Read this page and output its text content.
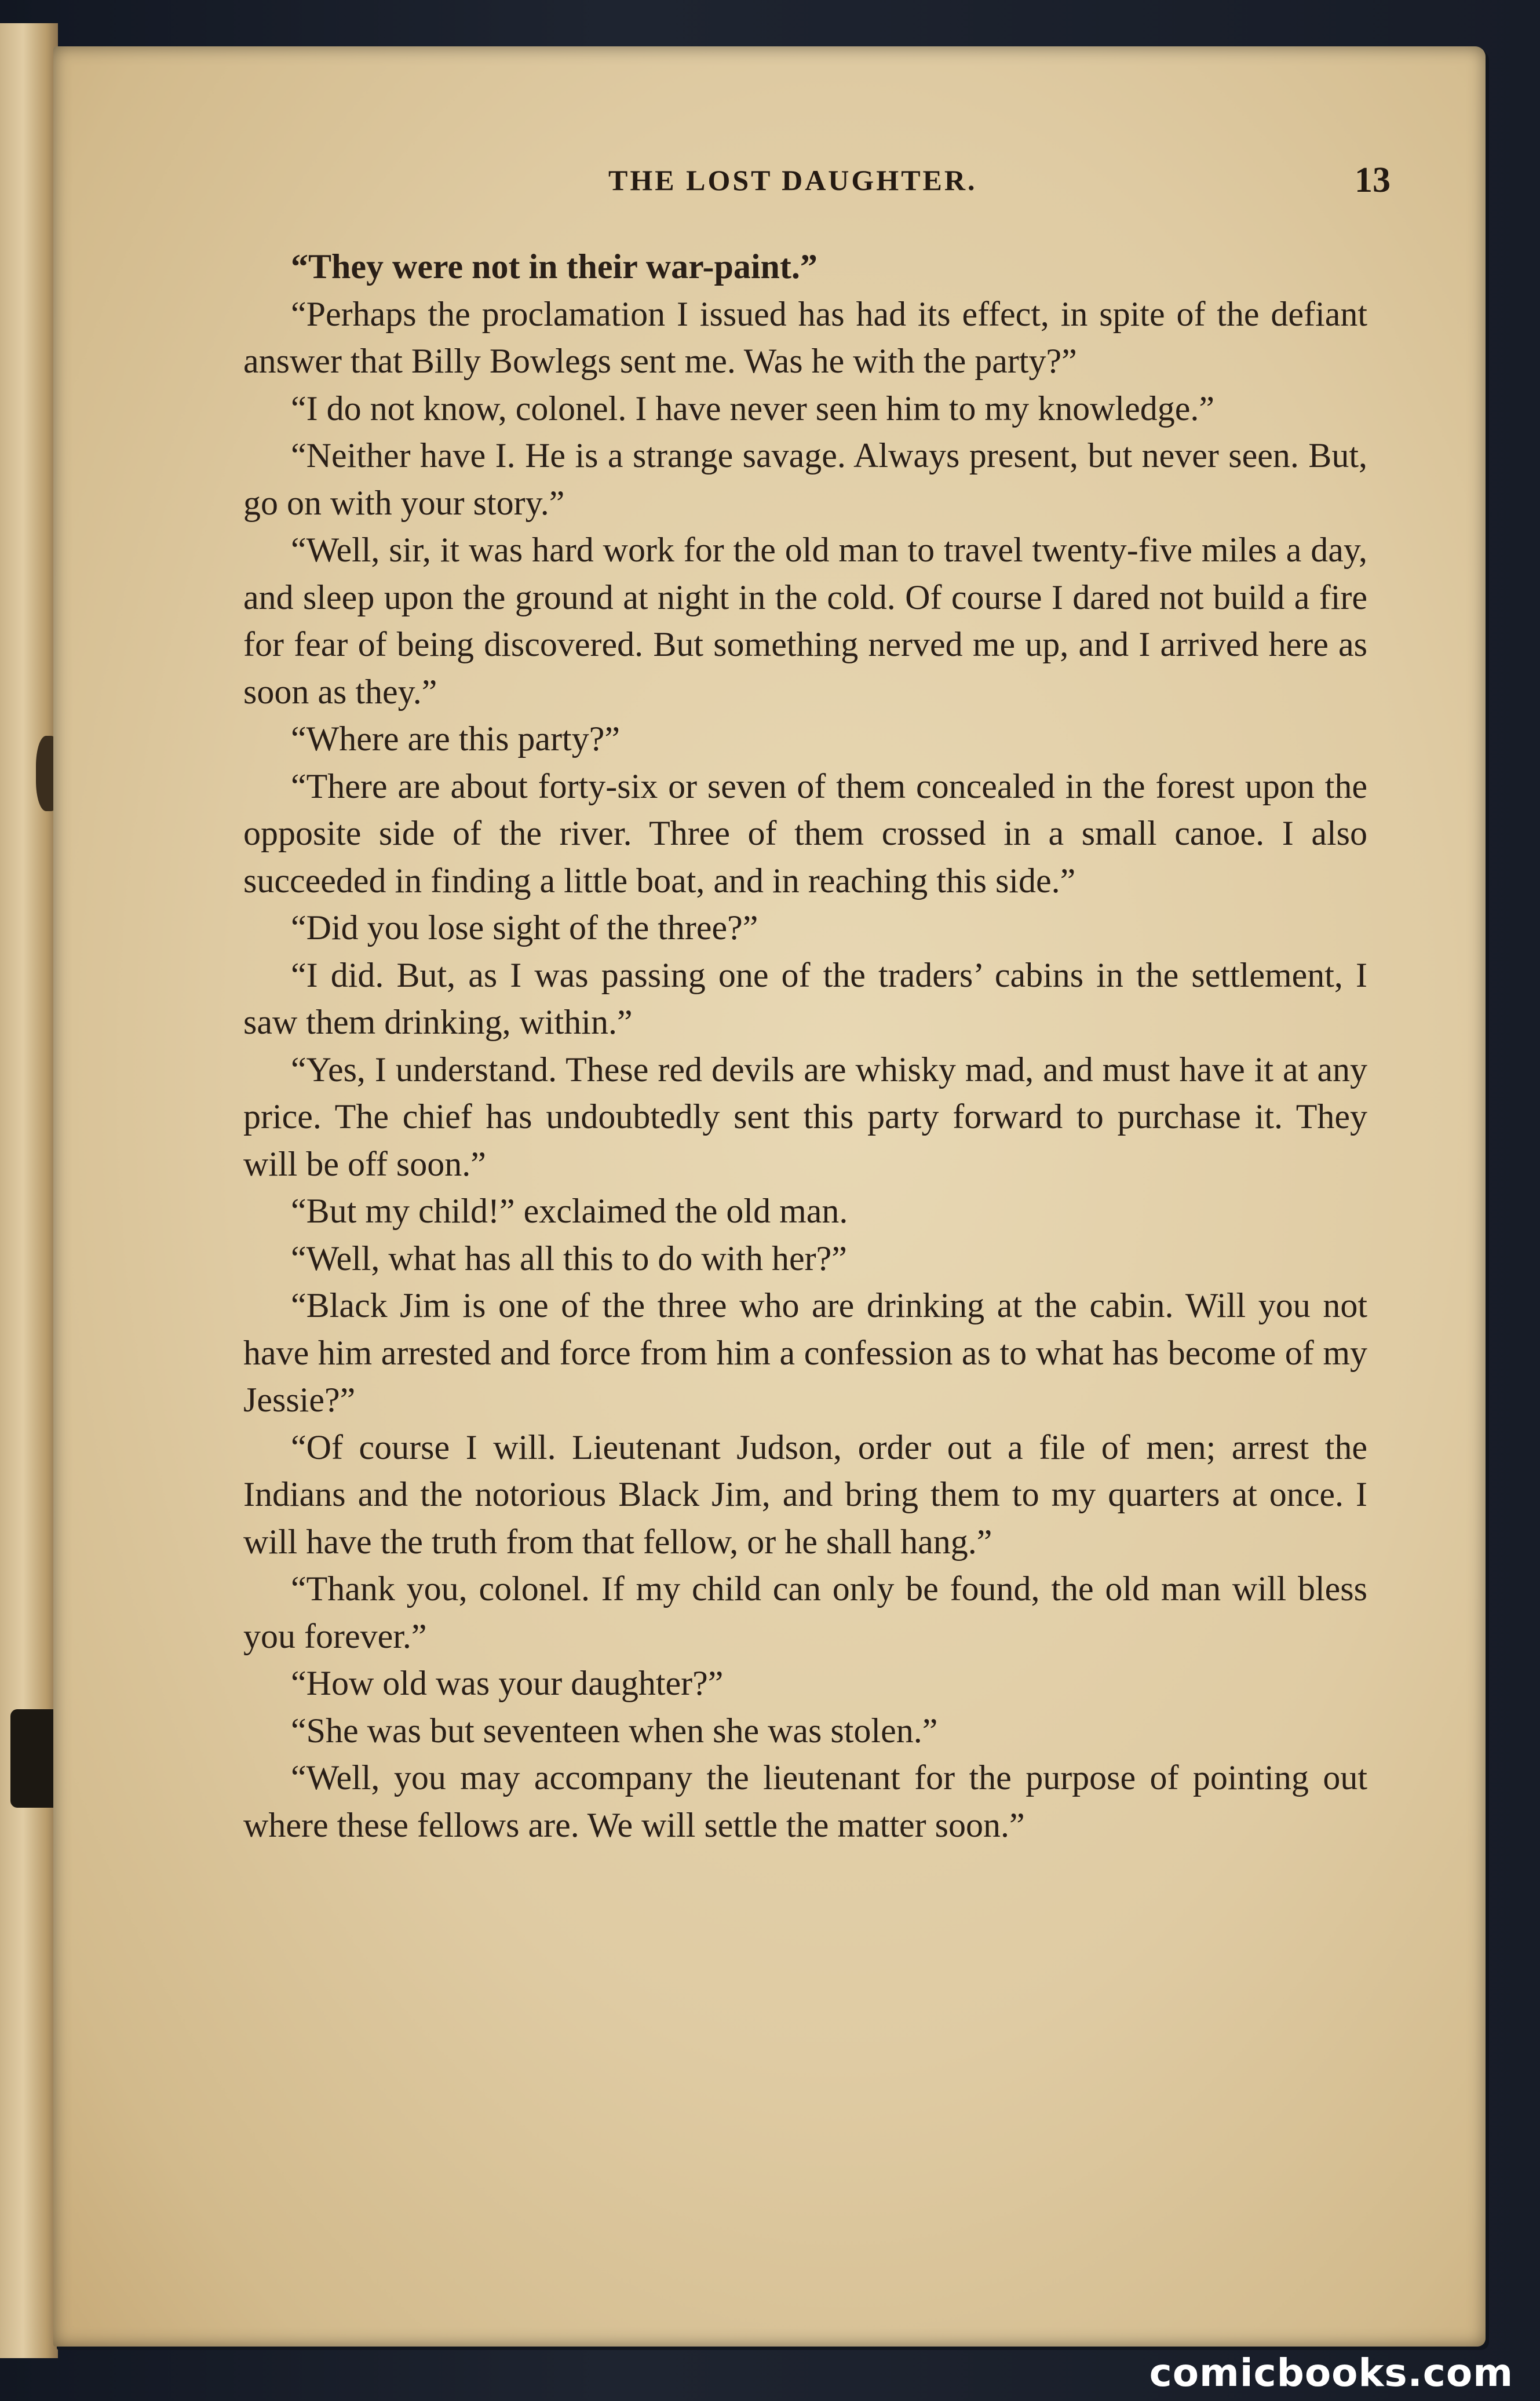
THE LOST DAUGHTER.	13

“They were not in their war-paint.”

“Perhaps the proclamation I issued has had its effect, in spite of the defiant answer that Billy Bowlegs sent me. Was he with the party?”

“I do not know, colonel. I have never seen him to my knowledge.”

“Neither have I. He is a strange savage. Always present, but never seen. But, go on with your story.”

“Well, sir, it was hard work for the old man to travel twenty-five miles a day, and sleep upon the ground at night in the cold. Of course I dared not build a fire for fear of being discovered. But something nerved me up, and I arrived here as soon as they.”

“Where are this party?”

“There are about forty-six or seven of them concealed in the forest upon the opposite side of the river. Three of them crossed in a small canoe. I also succeeded in finding a little boat, and in reaching this side.”

“Did you lose sight of the three?”

“I did. But, as I was passing one of the traders’ cabins in the settlement, I saw them drinking, within.”

“Yes, I understand. These red devils are whisky mad, and must have it at any price. The chief has undoubtedly sent this party forward to purchase it. They will be off soon.”

“But my child!” exclaimed the old man.

“Well, what has all this to do with her?”

“Black Jim is one of the three who are drinking at the cabin. Will you not have him arrested and force from him a confession as to what has become of my Jessie?”

“Of course I will. Lieutenant Judson, order out a file of men; arrest the Indians and the notorious Black Jim, and bring them to my quarters at once. I will have the truth from that fellow, or he shall hang.”

“Thank you, colonel. If my child can only be found, the old man will bless you forever.”

“How old was your daughter?”

“She was but seventeen when she was stolen.”

“Well, you may accompany the lieutenant for the purpose of pointing out where these fellows are. We will settle the matter soon.”

comicbooks.com
